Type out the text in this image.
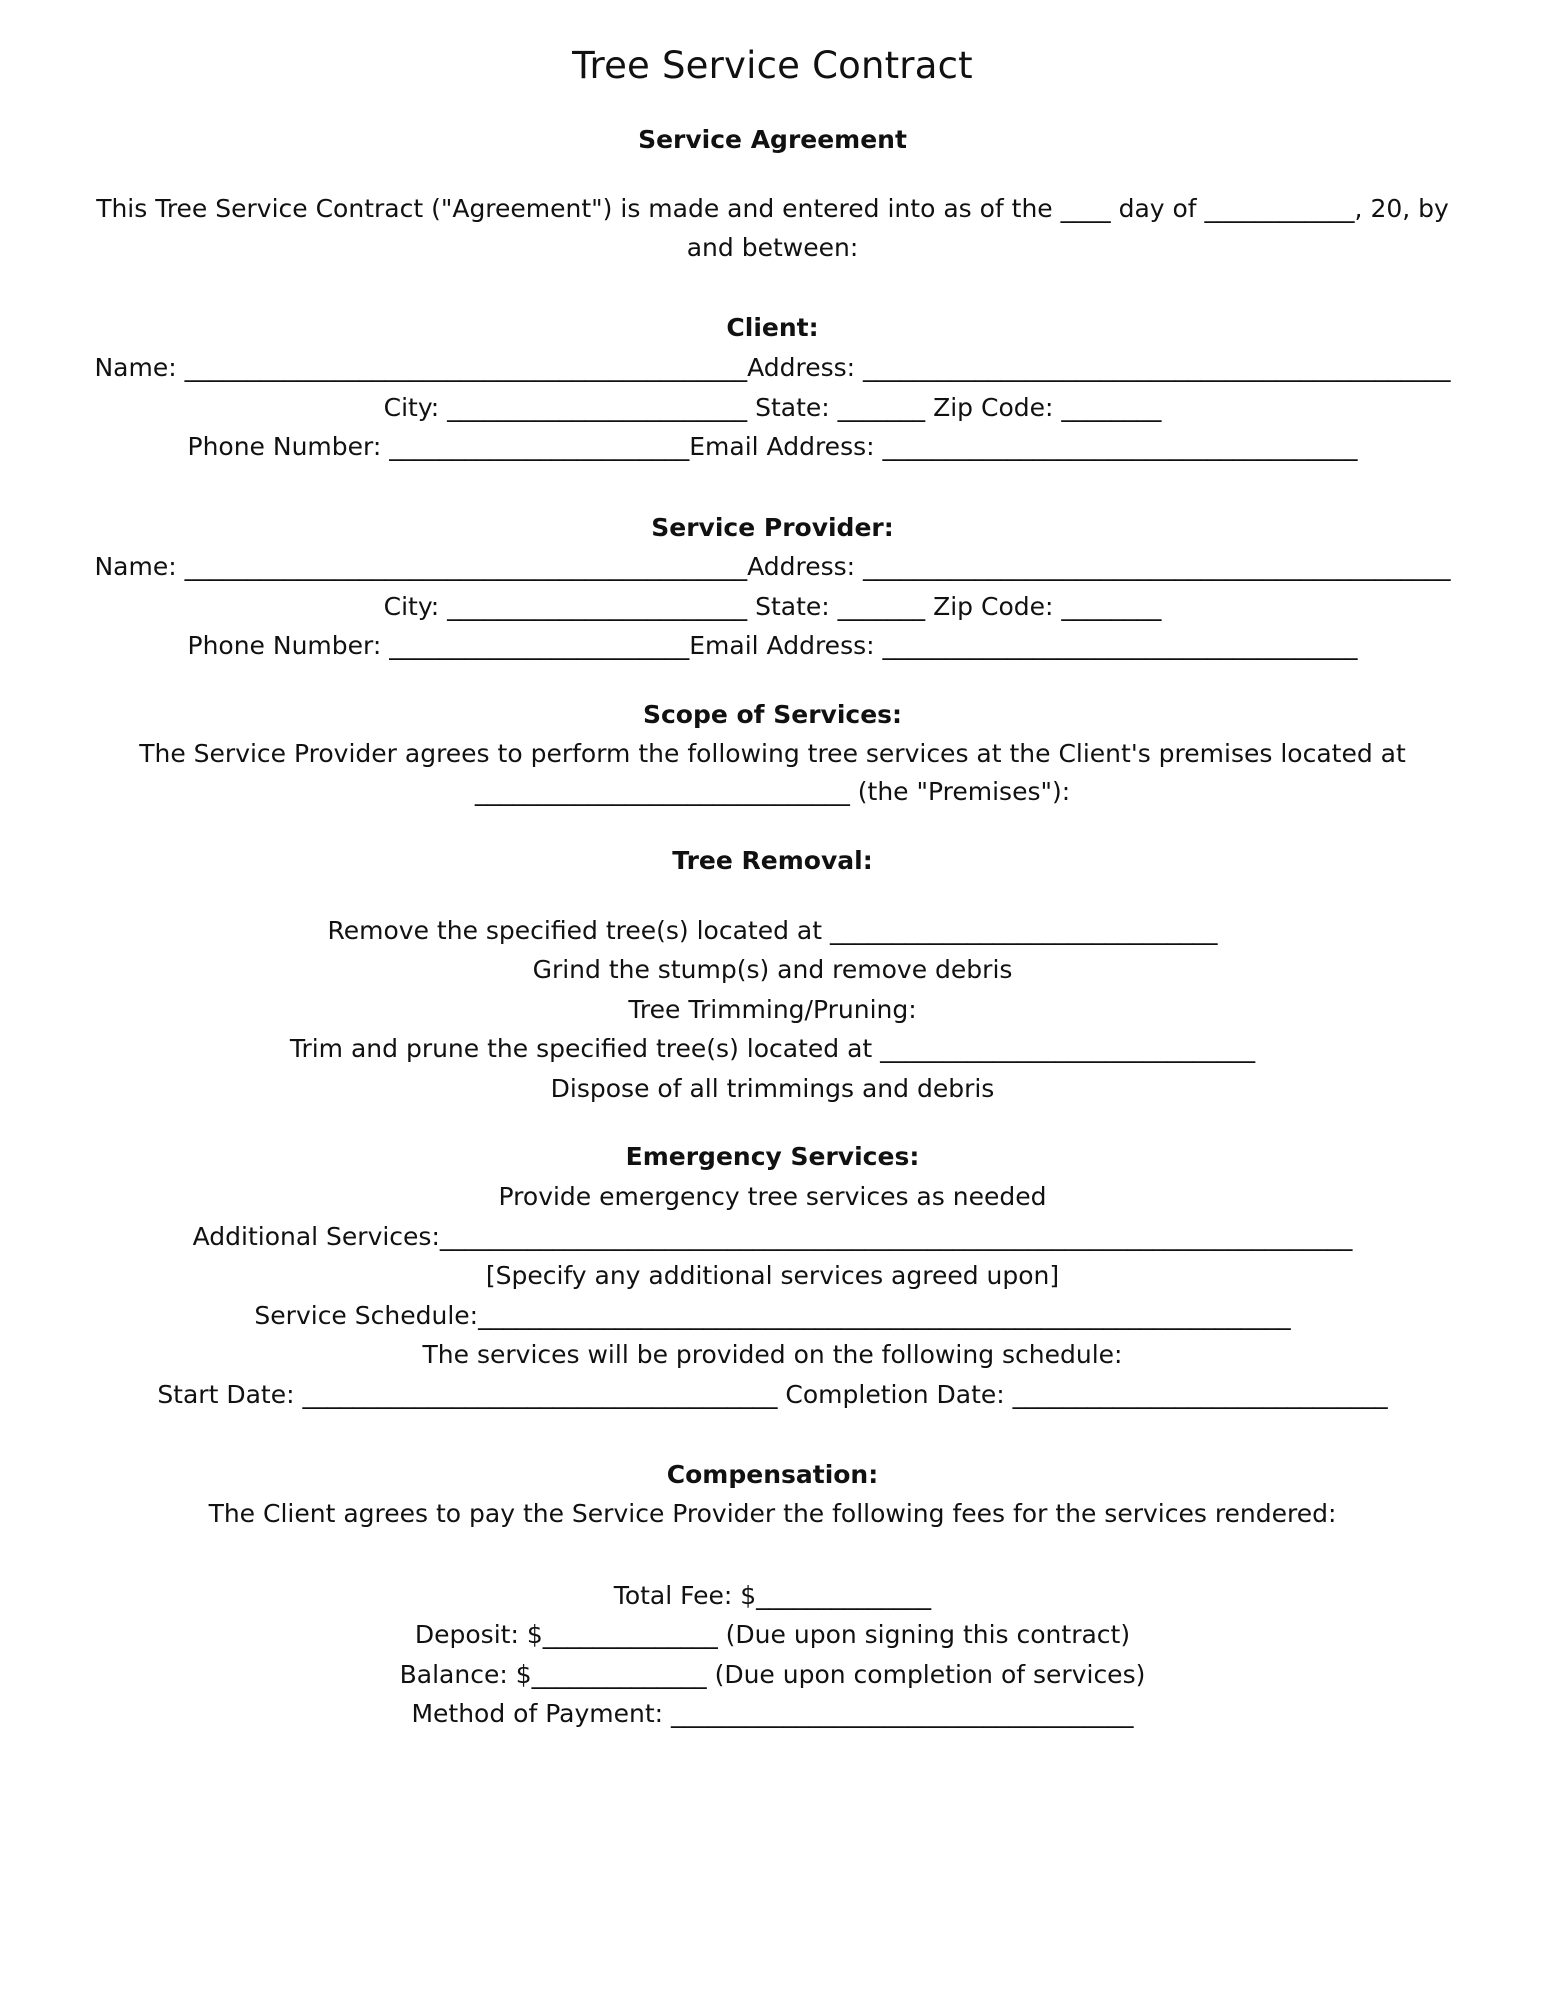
Tree Service Contract

Service Agreement

This Tree Service Contract ("Agreement") is made and entered into as of the ____ day of ____________, 20, by and between:

Client:

Name: _____________________________________________Address: _______________________________________________

City: ________________________ State: _______ Zip Code: ________

Phone Number: ________________________Email Address: ______________________________________

Service Provider:

Name: _____________________________________________Address: _______________________________________________

City: ________________________ State: _______ Zip Code: ________

Phone Number: ________________________Email Address: ______________________________________

Scope of Services:

The Service Provider agrees to perform the following tree services at the Client's premises located at ______________________________ (the "Premises"):

Tree Removal:

Remove the specified tree(s) located at _______________________________

Grind the stump(s) and remove debris

Tree Trimming/Pruning:

Trim and prune the specified tree(s) located at ______________________________

Dispose of all trimmings and debris

Emergency Services:

Provide emergency tree services as needed

Additional Services:_________________________________________________________________________

[Specify any additional services agreed upon]

Service Schedule:_________________________________________________________________

The services will be provided on the following schedule:

Start Date: ______________________________________ Completion Date: ______________________________

Compensation:

The Client agrees to pay the Service Provider the following fees for the services rendered:

Total Fee: $______________

Deposit: $______________ (Due upon signing this contract)

Balance: $______________ (Due upon completion of services)

Method of Payment: _____________________________________
